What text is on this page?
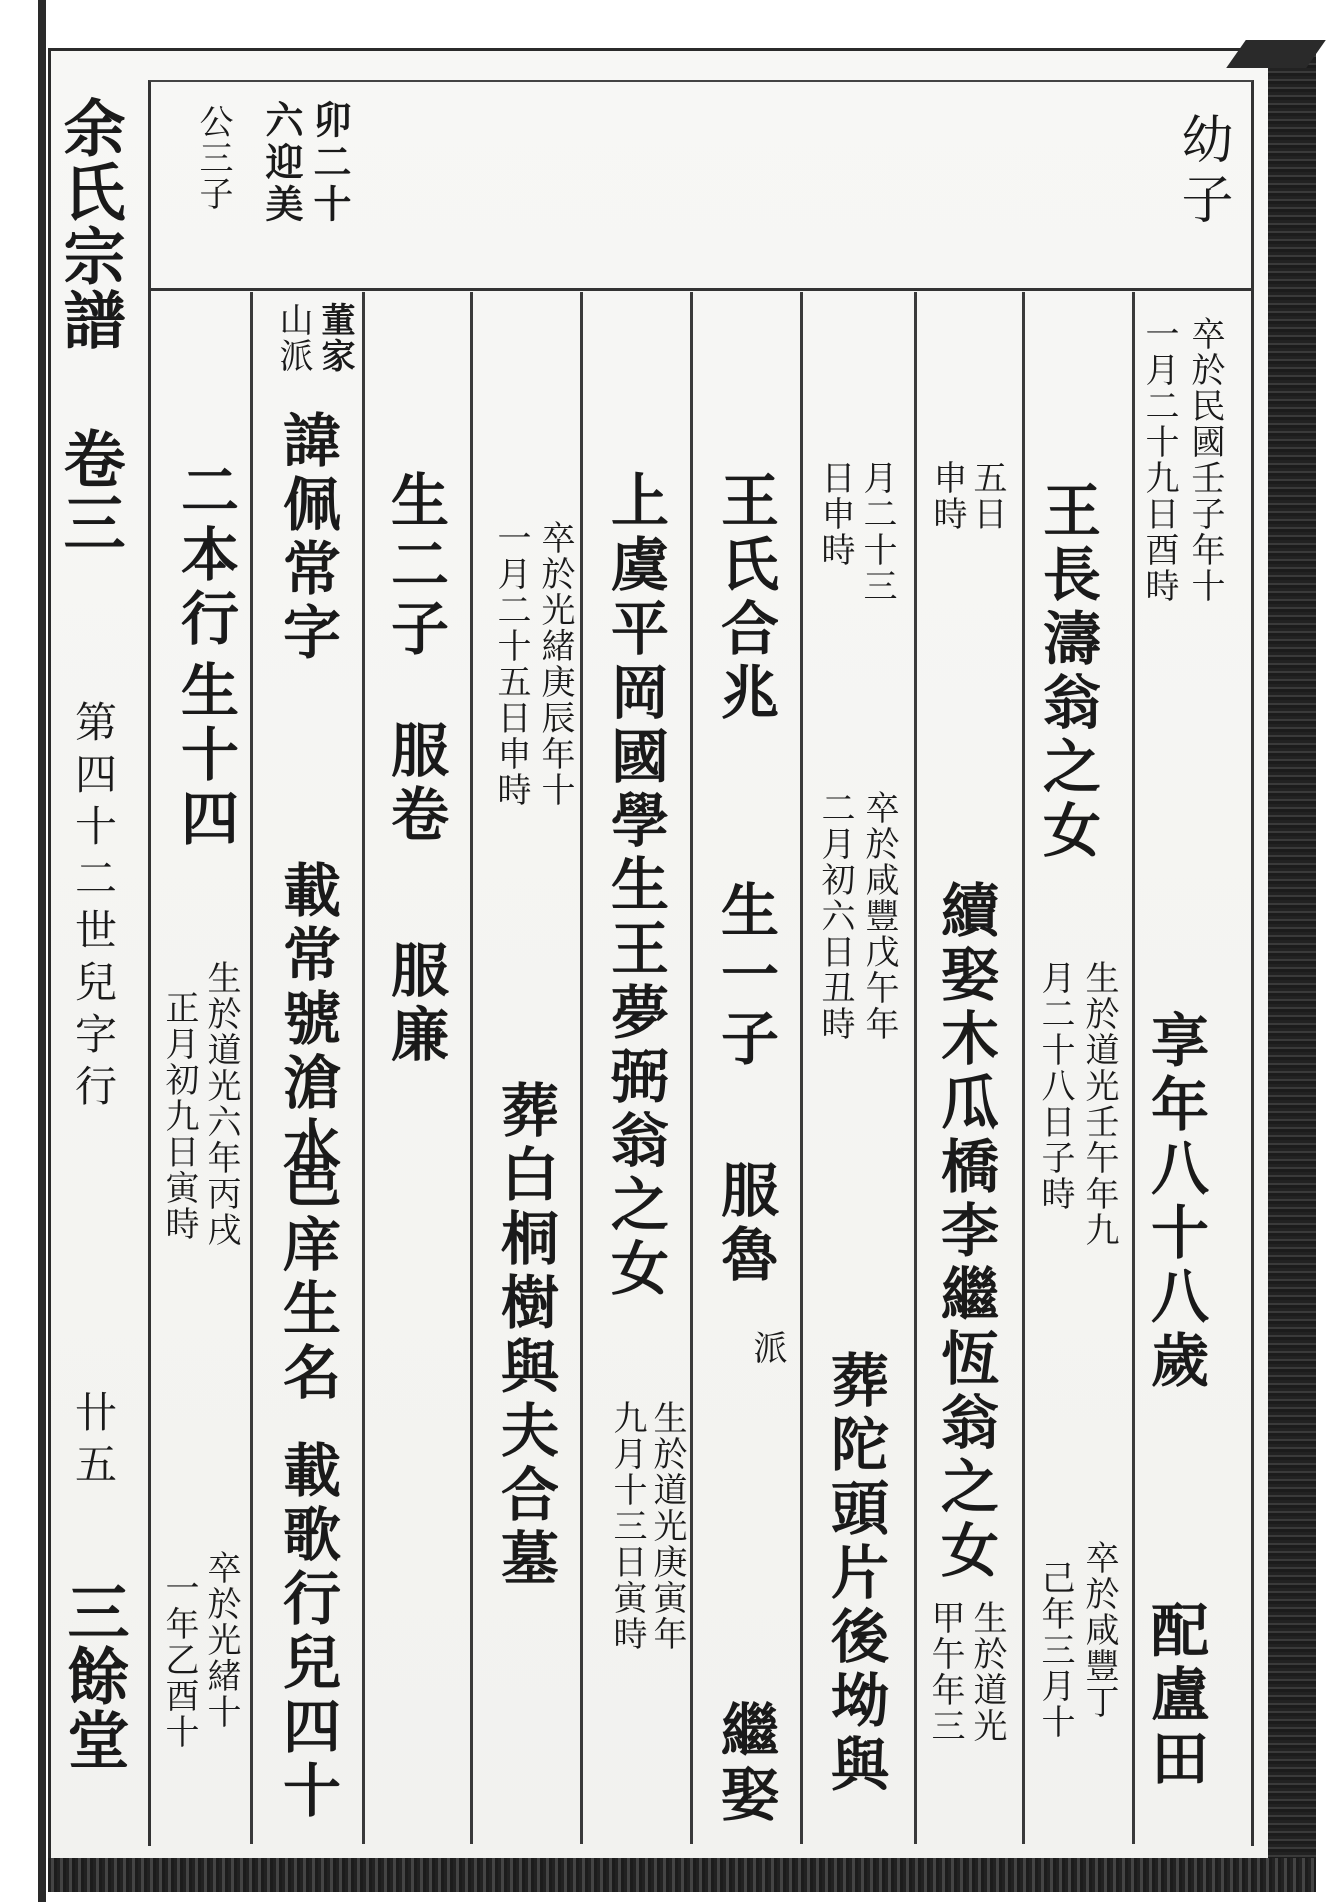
余氏宗譜 卷三
第四十二世兒字行
卄五
三餘堂
幼子
卯二十
六迎美
公三子
卒於民國壬子年十
一月二十九日酉時
享年八十八歲
配盧田
王長濤翁之女
月二十八日子時 生於道光壬午年九
己年三月十 卒於咸豐丁
五日
申時
續娶木瓜橋李繼恆翁之女
生於道光
甲午年三
月二十三
日申時
卒於咸豐戊午年
二月初六日丑時
葬陀頭片後坳與
王氏合兆
生一子
服魯
派
繼娶
上虞平岡國學生王夢弼翁之女
生於道光庚寅年
九月十三日寅時
卒於光緒庚辰年十
一月二十五日申時
葬白桐樹與夫合墓
生二子
服卷
服廉
董家
山派
諱佩常字
載常號滄水
邑庠生名
載歌行兒四十
二本行
生十四
生於道光六年丙戌
正月初九日寅時
卒於光緒十
一年乙酉十
